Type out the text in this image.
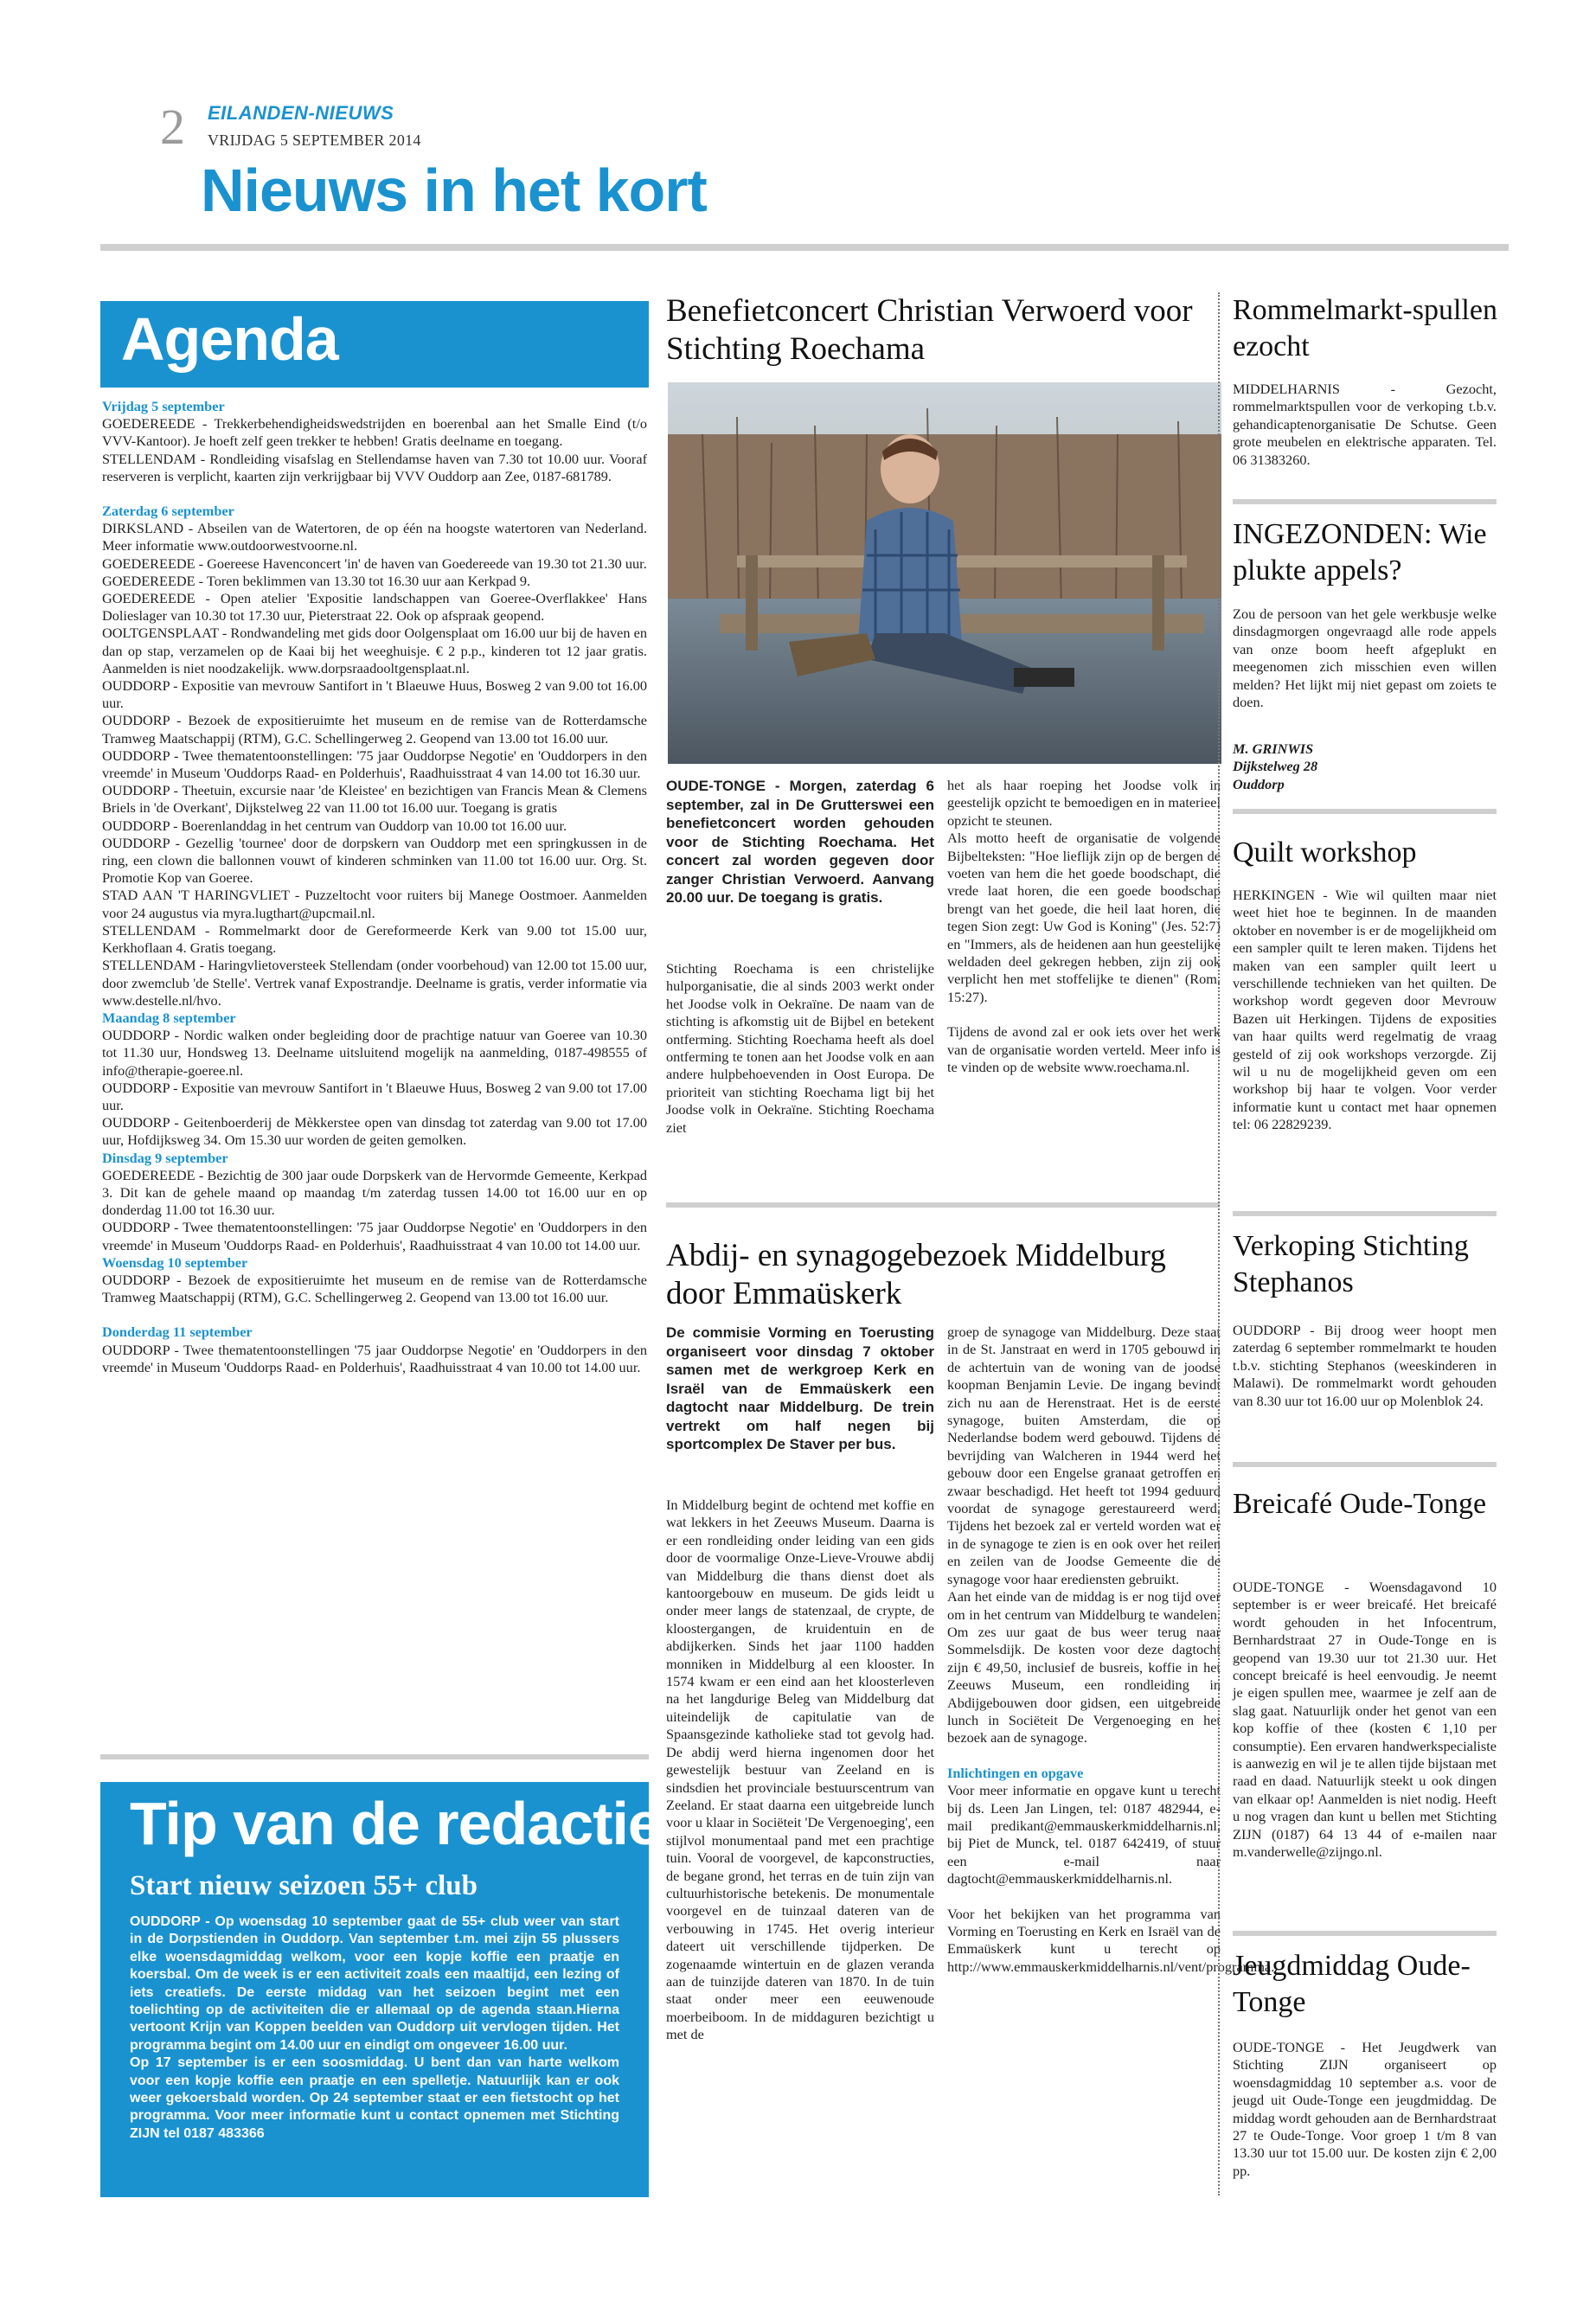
2 EILANDEN-NIEUWS
VRIJDAG 5 SEPTEMBER 2014
Nieuws in het kort
Agenda

Vrijdag 5 september

GOEDEREEDE - Trekkerbehendigheidswedstrijden en boerenbal aan het Smalle Eind (t/o VVV-Kantoor). Je hoeft zelf geen trekker te hebben! Gratis deelname en toegang.

STELLENDAM - Rondleiding visafslag en Stellendamse haven van 7.30 tot 10.00 uur. Vooraf reserveren is verplicht, kaarten zijn verkrijgbaar bij VVV Ouddorp aan Zee, 0187-681789.

Zaterdag 6 september

DIRKSLAND - Abseilen van de Watertoren, de op één na hoogste watertoren van Nederland. Meer informatie www.outdoorwestvoorne.nl.

GOEDEREEDE - Goereese Havenconcert 'in' de haven van Goedereede van 19.30 tot 21.30 uur.

GOEDEREEDE - Toren beklimmen van 13.30 tot 16.30 uur aan Kerkpad 9.

GOEDEREEDE - Open atelier 'Expositie landschappen van Goeree-Overflakkee' Hans Dolieslager van 10.30 tot 17.30 uur, Pieterstraat 22. Ook op afspraak geopend.

OOLTGENSPLAAT - Rondwandeling met gids door Oolgensplaat om 16.00 uur bij de haven en dan op stap, verzamelen op de Kaai bij het weeghuisje. € 2 p.p., kinderen tot 12 jaar gratis. Aanmelden is niet noodzakelijk. www.dorpsraadooltgensplaat.nl.

OUDDORP - Expositie van mevrouw Santifort in 't Blaeuwe Huus, Bosweg 2 van 9.00 tot 16.00 uur.

OUDDORP - Bezoek de expositieruimte het museum en de remise van de Rotterdamsche Tramweg Maatschappij (RTM), G.C. Schellingerweg 2. Geopend van 13.00 tot 16.00 uur.

OUDDORP - Twee thematentoonstellingen: '75 jaar Ouddorpse Negotie' en 'Ouddorpers in den vreemde' in Museum 'Ouddorps Raad- en Polderhuis', Raadhuisstraat 4 van 14.00 tot 16.30 uur.

OUDDORP - Theetuin, excursie naar 'de Kleistee' en bezichtigen van Francis Mean & Clemens Briels in 'de Overkant', Dijkstelweg 22 van 11.00 tot 16.00 uur. Toegang is gratis

OUDDORP - Boerenlanddag in het centrum van Ouddorp van 10.00 tot 16.00 uur.

OUDDORP - Gezellig 'tournee' door de dorpskern van Ouddorp met een springkussen in de ring, een clown die ballonnen vouwt of kinderen schminken van 11.00 tot 16.00 uur. Org. St. Promotie Kop van Goeree.

STAD AAN 'T HARINGVLIET - Puzzeltocht voor ruiters bij Manege Oostmoer. Aanmelden voor 24 augustus via myra.lugthart@upcmail.nl.

STELLENDAM - Rommelmarkt door de Gereformeerde Kerk van 9.00 tot 15.00 uur, Kerkhoflaan 4. Gratis toegang.

STELLENDAM - Haringvlietoversteek Stellendam (onder voorbehoud) van 12.00 tot 15.00 uur, door zwemclub 'de Stelle'. Vertrek vanaf Expostrandje. Deelname is gratis, verder informatie via www.destelle.nl/hvo.

Maandag 8 september

OUDDORP - Nordic walken onder begleiding door de prachtige natuur van Goeree van 10.30 tot 11.30 uur, Hondsweg 13. Deelname uitsluitend mogelijk na aanmelding, 0187-498555 of info@therapie-goeree.nl.

OUDDORP - Expositie van mevrouw Santifort in 't Blaeuwe Huus, Bosweg 2 van 9.00 tot 17.00 uur.

OUDDORP - Geitenboerderij de Mèkkerstee open van dinsdag tot zaterdag van 9.00 tot 17.00 uur, Hofdijksweg 34. Om 15.30 uur worden de geiten gemolken.

Dinsdag 9 september

GOEDEREEDE - Bezichtig de 300 jaar oude Dorpskerk van de Hervormde Gemeente, Kerkpad 3. Dit kan de gehele maand op maandag t/m zaterdag tussen 14.00 tot 16.00 uur en op donderdag 11.00 tot 16.30 uur.

OUDDORP - Twee thematentoonstellingen: '75 jaar Ouddorpse Negotie' en 'Ouddorpers in den vreemde' in Museum 'Ouddorps Raad- en Polderhuis', Raadhuisstraat 4 van 10.00 tot 14.00 uur.

Woensdag 10 september

OUDDORP - Bezoek de expositieruimte het museum en de remise van de Rotterdamsche Tramweg Maatschappij (RTM), G.C. Schellingerweg 2. Geopend van 13.00 tot 16.00 uur.

Donderdag 11 september

OUDDORP - Twee thematentoonstellingen '75 jaar Ouddorpse Negotie' en 'Ouddorpers in den vreemde' in Museum 'Ouddorps Raad- en Polderhuis', Raadhuisstraat 4 van 10.00 tot 14.00 uur.

Tip van de redactie
Start nieuw seizoen 55+ club

OUDDORP - Op woensdag 10 september gaat de 55+ club weer van start in de Dorpstienden in Ouddorp. Van september t.m. mei zijn 55 plussers elke woensdagmiddag welkom, voor een kopje koffie een praatje en koersbal. Om de week is er een activiteit zoals een maaltijd, een lezing of iets creatiefs. De eerste middag van het seizoen begint met een toelichting op de activiteiten die er allemaal op de agenda staan.Hierna vertoont Krijn van Koppen beelden van Ouddorp uit vervlogen tijden. Het programma begint om 14.00 uur en eindigt om ongeveer 16.00 uur.

Op 17 september is er een soosmiddag. U bent dan van harte welkom voor een kopje koffie een praatje en een spelletje. Natuurlijk kan er ook weer gekoersbald worden. Op 24 september staat er een fietstocht op het programma. Voor meer informatie kunt u contact opnemen met Stichting ZIJN tel 0187 483366

Benefietconcert Christian Verwoerd voor Stichting Roechama
OUDE-TONGE - Morgen, zaterdag 6 september, zal in De Grutterswei een benefietconcert worden gehouden voor de Stichting Roechama. Het concert zal worden gegeven door zanger Christian Verwoerd. Aanvang 20.00 uur. De toegang is gratis.
Stichting Roechama is een christelijke hulporganisatie, die al sinds 2003 werkt onder het Joodse volk in Oekraïne. De naam van de stichting is afkomstig uit de Bijbel en betekent ontferming. Stichting Roechama heeft als doel ontferming te tonen aan het Joodse volk en aan andere hulpbehoevenden in Oost Europa. De prioriteit van stichting Roechama ligt bij het Joodse volk in Oekraïne. Stichting Roechama ziet

het als haar roeping het Joodse volk in geestelijk opzicht te bemoedigen en in materieel opzicht te steunen.

Als motto heeft de organisatie de volgende Bijbelteksten: "Hoe lieflijk zijn op de bergen de voeten van hem die het goede boodschapt, die vrede laat horen, die een goede boodschap brengt van het goede, die heil laat horen, die tegen Sion zegt: Uw God is Koning" (Jes. 52:7) en "Immers, als de heidenen aan hun geestelijke weldaden deel gekregen hebben, zijn zij ook verplicht hen met stoffelijke te dienen" (Rom. 15:27).

Tijdens de avond zal er ook iets over het werk van de organisatie worden verteld. Meer info is te vinden op de website www.roechama.nl.

Abdij- en synagogebezoek Middelburg door Emmaüskerk
De commisie Vorming en Toerusting organiseert voor dinsdag 7 oktober samen met de werkgroep Kerk en Israël van de Emmaüskerk een dagtocht naar Middelburg. De trein vertrekt om half negen bij sportcomplex De Staver per bus.
In Middelburg begint de ochtend met koffie en wat lekkers in het Zeeuws Museum. Daarna is er een rondleiding onder leiding van een gids door de voormalige Onze-Lieve-Vrouwe abdij van Middelburg die thans dienst doet als kantoorgebouw en museum. De gids leidt u onder meer langs de statenzaal, de crypte, de kloostergangen, de kruidentuin en de abdijkerken. Sinds het jaar 1100 hadden monniken in Middelburg al een klooster. In 1574 kwam er een eind aan het kloosterleven na het langdurige Beleg van Middelburg dat uiteindelijk de capitulatie van de Spaansgezinde katholieke stad tot gevolg had. De abdij werd hierna ingenomen door het gewestelijk bestuur van Zeeland en is sindsdien het provinciale bestuurscentrum van Zeeland. Er staat daarna een uitgebreide lunch voor u klaar in Sociëteit 'De Vergenoeging', een stijlvol monumentaal pand met een prachtige tuin. Vooral de voorgevel, de kapconstructies, de begane grond, het terras en de tuin zijn van cultuurhistorische betekenis. De monumentale voorgevel en de tuinzaal dateren van de verbouwing in 1745. Het overig interieur dateert uit verschillende tijdperken. De zogenaamde wintertuin en de glazen veranda aan de tuinzijde dateren van 1870. In de tuin staat onder meer een eeuwenoude moerbeiboom. In de middaguren bezichtigt u met de

groep de synagoge van Middelburg. Deze staat in de St. Janstraat en werd in 1705 gebouwd in de achtertuin van de woning van de joodse koopman Benjamin Levie. De ingang bevindt zich nu aan de Herenstraat. Het is de eerste synagoge, buiten Amsterdam, die op Nederlandse bodem werd gebouwd. Tijdens de bevrijding van Walcheren in 1944 werd het gebouw door een Engelse granaat getroffen en zwaar beschadigd. Het heeft tot 1994 geduurd voordat de synagoge gerestaureerd werd. Tijdens het bezoek zal er verteld worden wat er in de synagoge te zien is en ook over het reilen en zeilen van de Joodse Gemeente die de synagoge voor haar erediensten gebruikt.

Aan het einde van de middag is er nog tijd over om in het centrum van Middelburg te wandelen. Om zes uur gaat de bus weer terug naar Sommelsdijk. De kosten voor deze dagtocht zijn € 49,50, inclusief de busreis, koffie in het Zeeuws Museum, een rondleiding in Abdijgebouwen door gidsen, een uitgebreide lunch in Sociëteit De Vergenoeging en het bezoek aan de synagoge.

Inlichtingen en opgave

Voor meer informatie en opgave kunt u terecht bij ds. Leen Jan Lingen, tel: 0187 482944, e-mail predikant@emmauskerkmiddelharnis.nl, bij Piet de Munck, tel. 0187 642419, of stuur een e-mail naar dagtocht@emmauskerkmiddelharnis.nl.

Voor het bekijken van het programma van Vorming en Toerusting en Kerk en Israël van de Emmaüskerk kunt u terecht op http://www.emmauskerkmiddelharnis.nl/vent/programma.

Rommelmarkt-spullen ezocht
MIDDELHARNIS - Gezocht, rommelmarktspullen voor de verkoping t.b.v. gehandicaptenorganisatie De Schutse. Geen grote meubelen en elektrische apparaten. Tel. 06 31383260.
INGEZONDEN: Wie plukte appels?
Zou de persoon van het gele werkbusje welke dinsdagmorgen ongevraagd alle rode appels van onze boom heeft afgeplukt en meegenomen zich misschien even willen melden? Het lijkt mij niet gepast om zoiets te doen.

M. GRINWIS

Dijkstelweg 28

Ouddorp

Quilt workshop
HERKINGEN - Wie wil quilten maar niet weet hiet hoe te beginnen. In de maanden oktober en november is er de mogelijkheid om een sampler quilt te leren maken. Tijdens het maken van een sampler quilt leert u verschillende technieken van het quilten. De workshop wordt gegeven door Mevrouw Bazen uit Herkingen. Tijdens de exposities van haar quilts werd regelmatig de vraag gesteld of zij ook workshops verzorgde. Zij wil u nu de mogelijkheid geven om een workshop bij haar te volgen. Voor verder informatie kunt u contact met haar opnemen tel: 06 22829239.
Verkoping Stichting Stephanos
OUDDORP - Bij droog weer hoopt men zaterdag 6 september rommelmarkt te houden t.b.v. stichting Stephanos (weeskinderen in Malawi). De rommelmarkt wordt gehouden van 8.30 uur tot 16.00 uur op Molenblok 24.
Breicafé Oude-Tonge
OUDE-TONGE - Woensdagavond 10 september is er weer breicafé. Het breicafé wordt gehouden in het Infocentrum, Bernhardstraat 27 in Oude-Tonge en is geopend van 19.30 uur tot 21.30 uur. Het concept breicafé is heel eenvoudig. Je neemt je eigen spullen mee, waarmee je zelf aan de slag gaat. Natuurlijk onder het genot van een kop koffie of thee (kosten € 1,10 per consumptie). Een ervaren handwerkspecialiste is aanwezig en wil je te allen tijde bijstaan met raad en daad. Natuurlijk steekt u ook dingen van elkaar op! Aanmelden is niet nodig. Heeft u nog vragen dan kunt u bellen met Stichting ZIJN (0187) 64 13 44 of e-mailen naar m.vanderwelle@zijngo.nl.
Jeugdmiddag Oude-Tonge
OUDE-TONGE - Het Jeugdwerk van Stichting ZIJN organiseert op woensdagmiddag 10 september a.s. voor de jeugd uit Oude-Tonge een jeugdmiddag. De middag wordt gehouden aan de Bernhardstraat 27 te Oude-Tonge. Voor groep 1 t/m 8 van 13.30 uur tot 15.00 uur. De kosten zijn € 2,00 pp.
